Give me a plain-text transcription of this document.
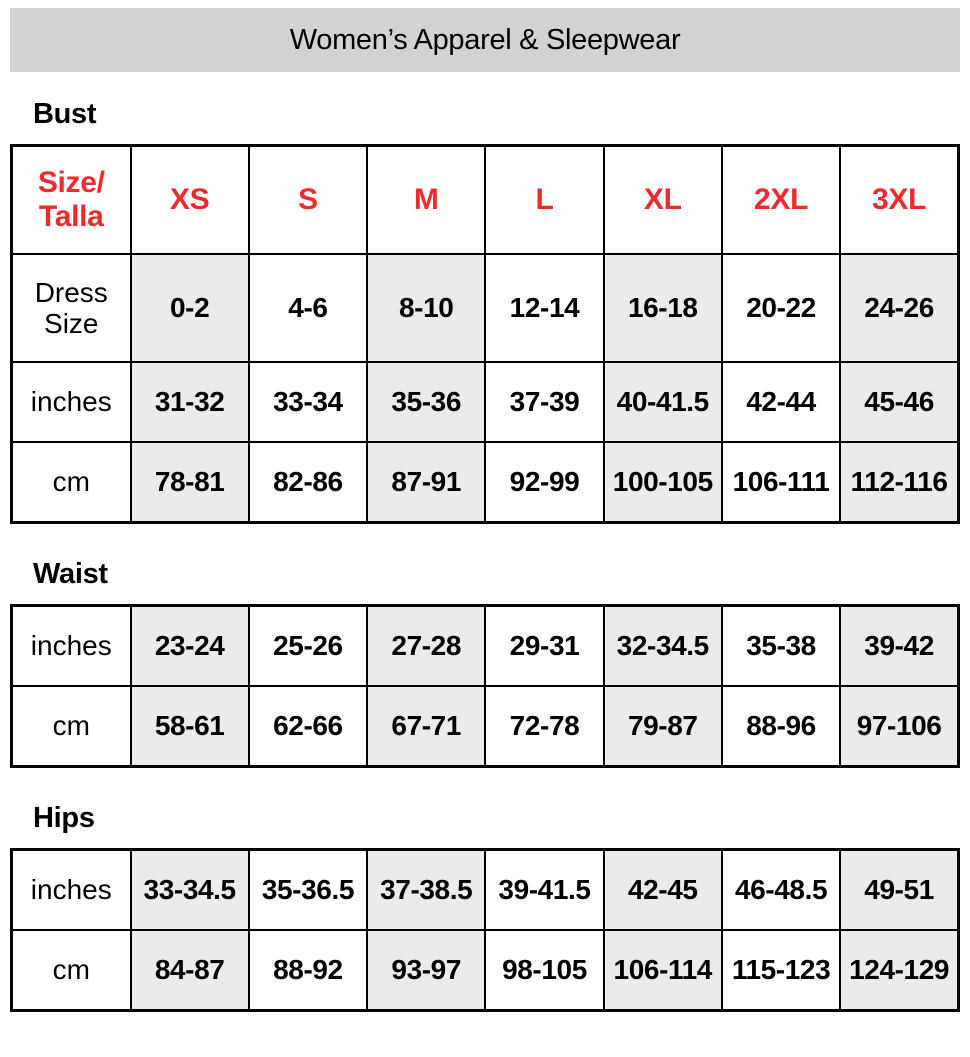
Women’s Apparel & Sleepwear
Bust
Size/
Talla	XS	S	M	L	XL	2XL	3XL
Dress Size	0-2	4-6	8-10	12-14	16-18	20-22	24-26
inches	31-32	33-34	35-36	37-39	40-41.5	42-44	45-46
cm	78-81	82-86	87-91	92-99	100-105	106-111	112-116
Waist
inches	23-24	25-26	27-28	29-31	32-34.5	35-38	39-42
cm	58-61	62-66	67-71	72-78	79-87	88-96	97-106
Hips
inches	33-34.5	35-36.5	37-38.5	39-41.5	42-45	46-48.5	49-51
cm	84-87	88-92	93-97	98-105	106-114	115-123	124-129
